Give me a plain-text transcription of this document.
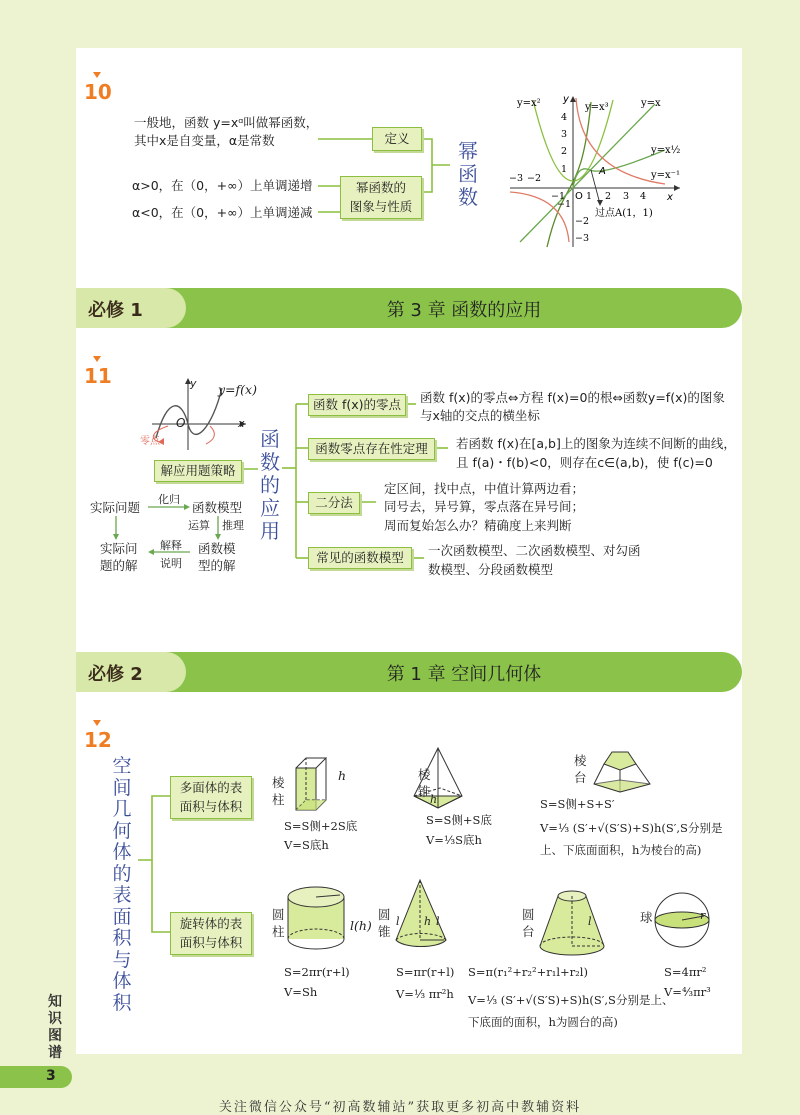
10
一般地，函数 y=xᵅ叫做幂函数，
其中x是自变量，α是常数	定义
α>0，在（0，+∞）上单调递增
α<0，在（0，+∞）上单调递减
幂函数的
图象与性质
幂函数
y=x²	y=x³	y=x
y=x½
y=x⁻¹
y
x
A
O
过点A(1，1)
−3 −2
−1 1 2 3 4
4
3
2
1
−1
−2
−3
必修 1	第 3 章 函数的应用
11
y=f(x)
y
x
O
零点
解应用题策略
实际问题	函数模型
实际问
题的解
函数模
型的解
化归
运算 推理
解释
说明
函数的应用
函数 f(x)的零点	函数 f(x)的零点⇔方程 f(x)=0的根⇔函数y=f(x)的图象
与x轴的交点的横坐标
函数零点存在性定理	若函数 f(x)在[a,b]上的图象为连续不间断的曲线，
且 f(a)・f(b)<0，则存在c∈(a,b)，使 f(c)=0
二分法
定区间，找中点，中值计算两边看；
同号去，异号算，零点落在异号间；
周而复始怎么办？精确度上来判断
常见的函数模型	一次函数模型、二次函数模型、对勾函
数模型、分段函数模型
必修 2	第 1 章 空间几何体
12
空间几何体的表面积与体积
多面体的表
面积与体积
旋转体的表
面积与体积
棱柱
h	棱锥
h
棱台
S=S侧+2S底
V=S底h
S=S侧+S底
V=⅓S底h
S=S侧+S+S′
V=⅓ (S′+√(S′S)+S)h(S′,S分别是
上、下底面面积，h为棱台的高)
圆柱	l(h)
圆锥
l h l	圆台
l	球	r
S=2πr(r+l)
V=Sh
S=πr(r+l)
V=⅓ πr²h
S=π(r₁²+r₂²+r₁l+r₂l)
V=⅓ (S′+√(S′S)+S)h(S′,S分别是上、
下底面的面积，h为圆台的高)
S=4πr²
V=⁴⁄₃πr³
知识图谱
3
关注微信公众号“初高数辅站”获取更多初高中教辅资料
